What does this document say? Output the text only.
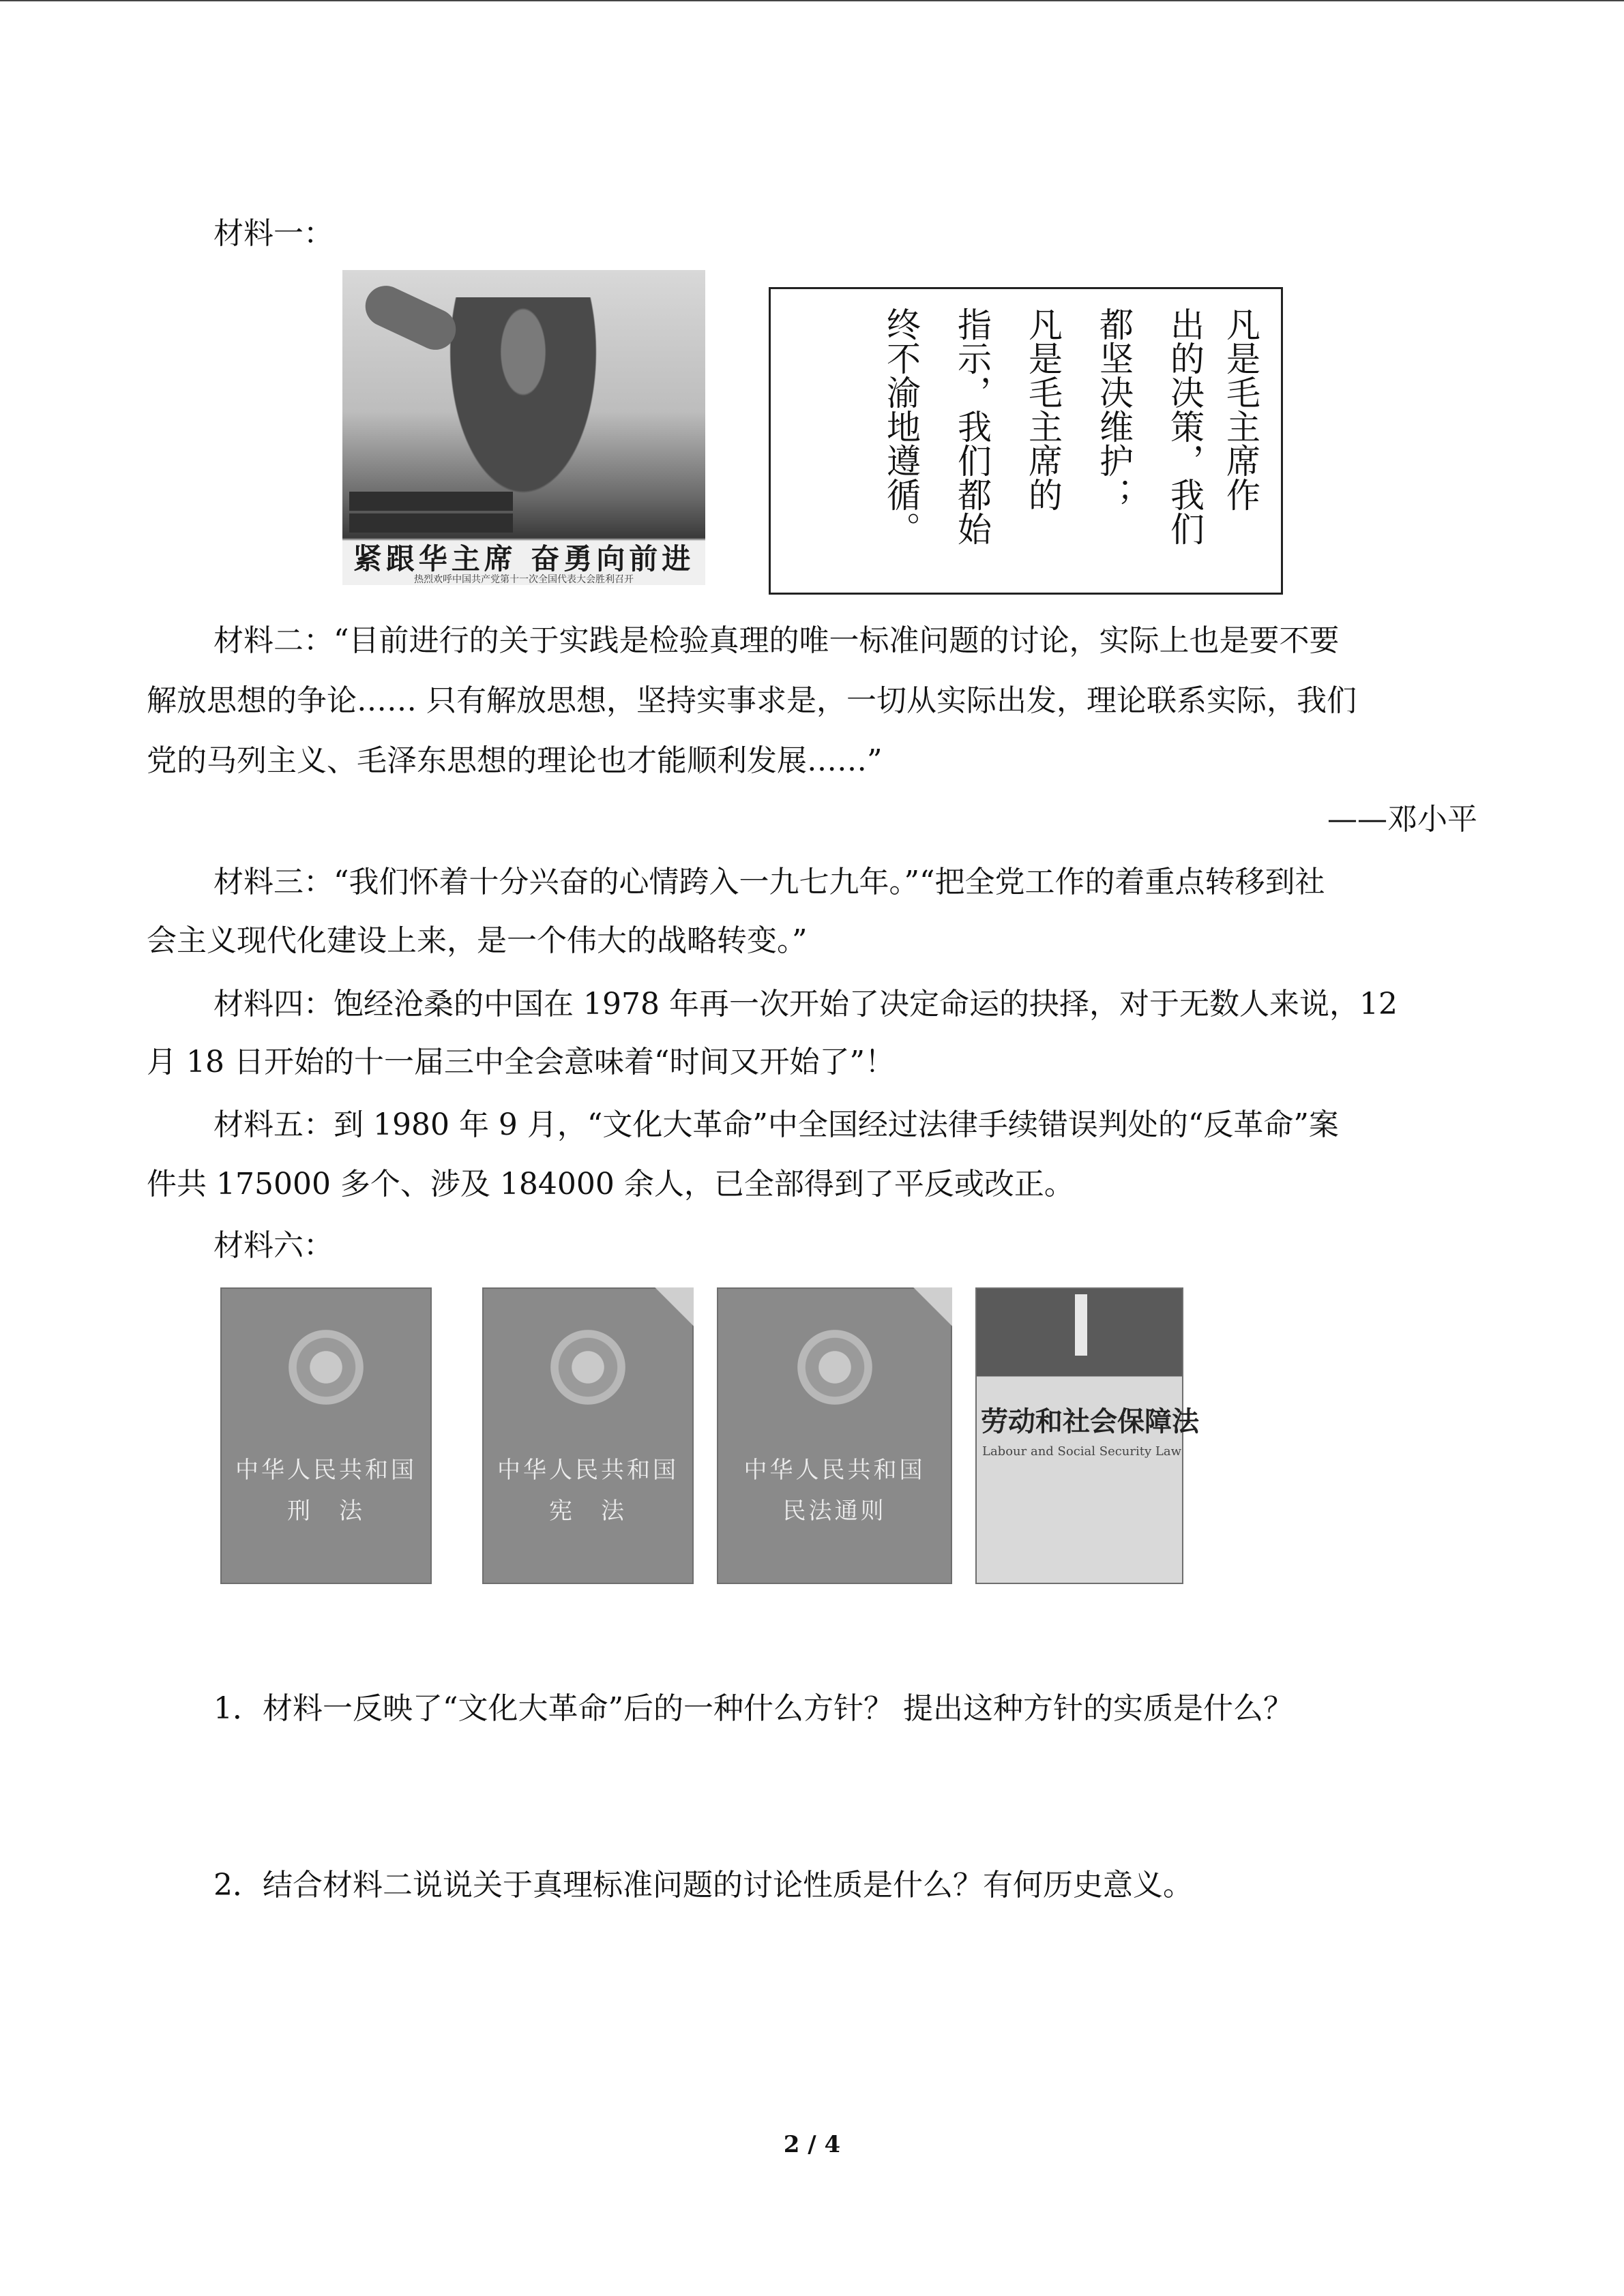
材料一：
紧跟华主席 奋勇向前进
热烈欢呼中国共产党第十一次全国代表大会胜利召开
凡是毛主席作
出的决策，我们
都坚决维护；
凡是毛主席的
指示，我们都始
终不渝地遵循。
材料二：“目前进行的关于实践是检验真理的唯一标准问题的讨论，实际上也是要不要
解放思想的争论…… 只有解放思想，坚持实事求是，一切从实际出发，理论联系实际，我们
党的马列主义、毛泽东思想的理论也才能顺利发展……”
——邓小平
材料三：“我们怀着十分兴奋的心情跨入一九七九年。”“把全党工作的着重点转移到社
会主义现代化建设上来，是一个伟大的战略转变。”
材料四：饱经沧桑的中国在 1978 年再一次开始了决定命运的抉择，对于无数人来说，12
月 18 日开始的十一届三中全会意味着“时间又开始了”！
材料五：到 1980 年 9 月，“文化大革命”中全国经过法律手续错误判处的“反革命”案
件共 175000 多个、涉及 184000 余人，已全部得到了平反或改正。
材料六：
中华人民共和国
刑　法
中华人民共和国
宪　法
中华人民共和国
民法通则
劳动和社会保障法
Labour and Social Security Law
1．材料一反映了“文化大革命”后的一种什么方针？ 提出这种方针的实质是什么？
2．结合材料二说说关于真理标准问题的讨论性质是什么？有何历史意义。
2 / 4
